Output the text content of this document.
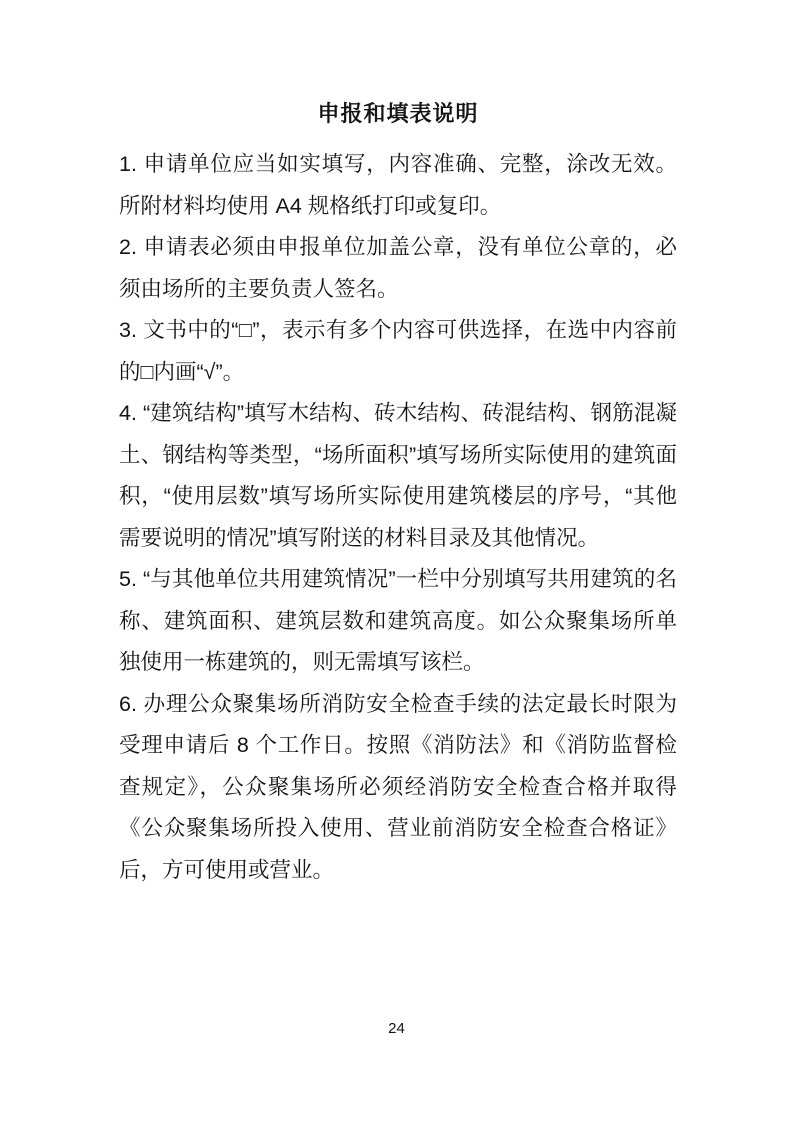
申报和填表说明

1. 申请单位应当如实填写，内容准确、完整，涂改无效。所附材料均使用 A4 规格纸打印或复印。

2. 申请表必须由申报单位加盖公章，没有单位公章的，必须由场所的主要负责人签名。

3. 文书中的“□”，表示有多个内容可供选择，在选中内容前的□内画“√”。

4. “建筑结构”填写木结构、砖木结构、砖混结构、钢筋混凝土、钢结构等类型，“场所面积”填写场所实际使用的建筑面积，“使用层数”填写场所实际使用建筑楼层的序号，“其他需要说明的情况”填写附送的材料目录及其他情况。

5. “与其他单位共用建筑情况”一栏中分别填写共用建筑的名称、建筑面积、建筑层数和建筑高度。如公众聚集场所单独使用一栋建筑的，则无需填写该栏。

6. 办理公众聚集场所消防安全检查手续的法定最长时限为受理申请后 8 个工作日。按照《消防法》和《消防监督检查规定》，公众聚集场所必须经消防安全检查合格并取得《公众聚集场所投入使用、营业前消防安全检查合格证》后，方可使用或营业。

24
